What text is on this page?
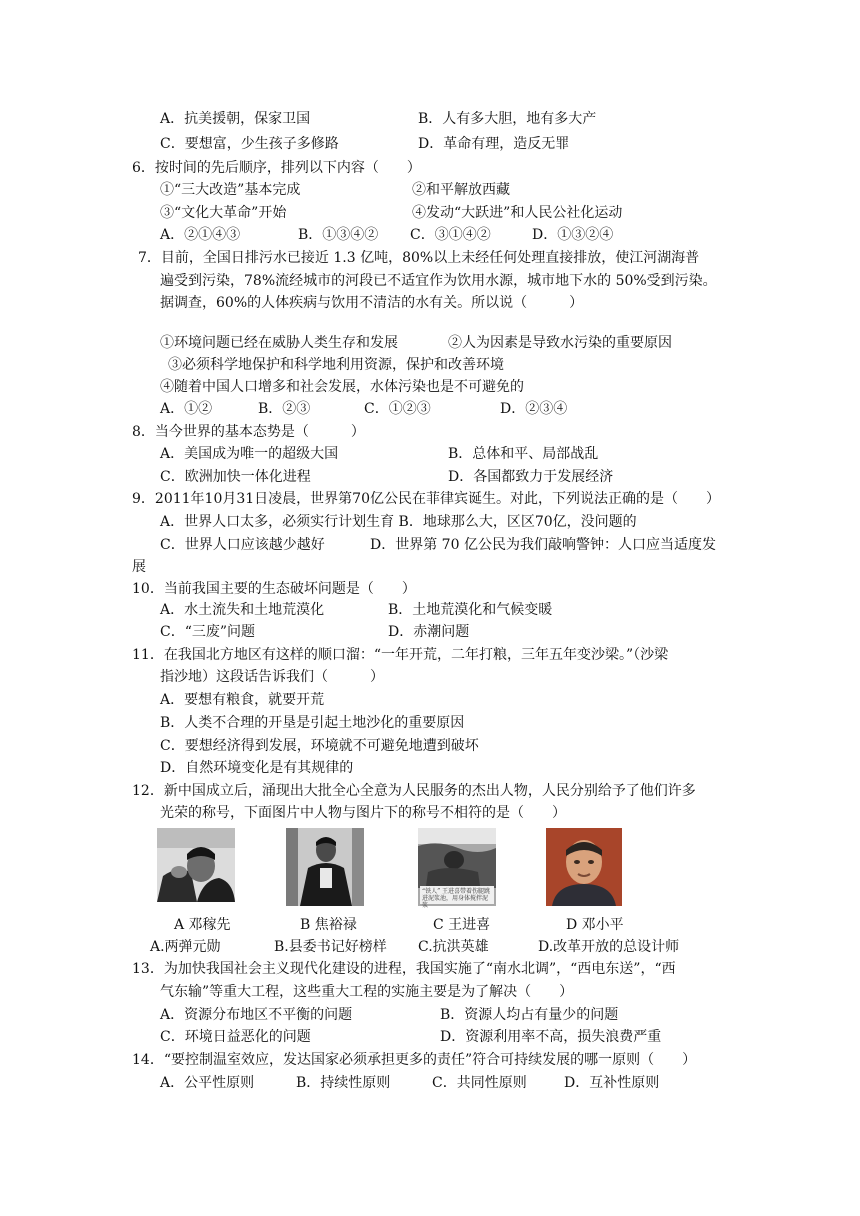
A．抗美援朝，保家卫国	B．人有多大胆，地有多大产
C．要想富，少生孩子多修路	D．革命有理，造反无罪
6．按时间的先后顺序，排列以下内容（　　）
①“三大改造”基本完成	②和平解放西藏
③“文化大革命”开始	④发动“大跃进”和人民公社化运动
A．②①④③	B．①③④② C．③①④②	D．①③②④
7．目前，全国日排污水已接近 1.3 亿吨，80%以上未经任何处理直接排放，使江河湖海普
遍受到污染，78%流经城市的河段已不适宜作为饮用水源，城市地下水的 50%受到污染。
据调查，60%的人体疾病与饮用不清洁的水有关。所以说（　　　）
①环境问题已经在威胁人类生存和发展	②人为因素是导致水污染的重要原因
③必须科学地保护和科学地利用资源，保护和改善环境
④随着中国人口增多和社会发展，水体污染也是不可避免的
A．①②	B．②③	C．①②③	D．②③④
8．当今世界的基本态势是（　　　）
A．美国成为唯一的超级大国	B．总体和平、局部战乱
C．欧洲加快一体化进程	D．各国都致力于发展经济
9．2011年10月31日凌晨，世界第70亿公民在菲律宾诞生。对此，下列说法正确的是（　　）
A．世界人口太多，必须实行计划生育 B．地球那么大，区区70亿，没问题的
C．世界人口应该越少越好	D．世界第 70 亿公民为我们敲响警钟：人口应当适度发
展
10．当前我国主要的生态破坏问题是（　　）
A．水土流失和土地荒漠化	B．土地荒漠化和气候变暖
C．“三废”问题	D．赤潮问题
11．在我国北方地区有这样的顺口溜：“一年开荒，二年打粮，三年五年变沙梁。”（沙梁
指沙地）这段话告诉我们（　　　）
A．要想有粮食，就要开荒
B．人类不合理的开垦是引起土地沙化的重要原因
C．要想经济得到发展，环境就不可避免地遭到破坏
D．自然环境变化是有其规律的
12．新中国成立后，涌现出大批全心全意为人民服务的杰出人物，人民分别给予了他们许多
光荣的称号，下面图片中人物与图片下的称号不相符的是（　　）
“铁人” 王进喜带着伤腿跳进泥浆池，用身体搅拌泥浆
A 邓稼先	B 焦裕禄	C 王进喜	D 邓小平
A.两弹元勋	B.县委书记好榜样 C.抗洪英雄	D.改革开放的总设计师
13．为加快我国社会主义现代化建设的进程，我国实施了“南水北调”，“西电东送”，“西
气东输”等重大工程，这些重大工程的实施主要是为了解决（　　）
A．资源分布地区不平衡的问题	B．资源人均占有量少的问题
C．环境日益恶化的问题	D．资源利用率不高，损失浪费严重
14．“要控制温室效应，发达国家必须承担更多的责任”符合可持续发展的哪一原则（　　）
A．公平性原则	B．持续性原则	C．共同性原则	D．互补性原则
